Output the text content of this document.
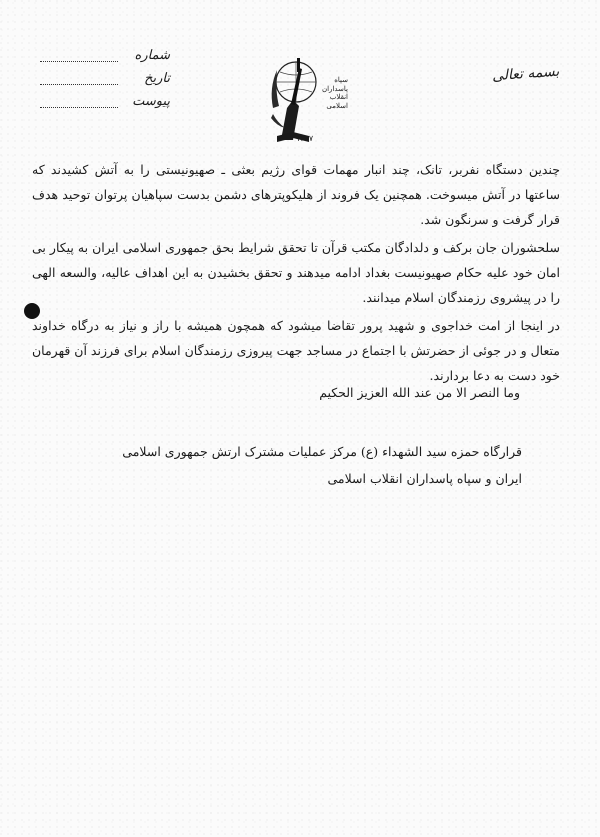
شماره
تاریخ
پیوست
سپاه
پاسداران
انقلاب
اسلامی
۱۳۵۷
بسمه تعالی

چندین دستگاه نفربر، تانک، چند انبار مهمات قوای رژیم بعثی ـ صهیونیستی را به آتش کشیدند که ساعتها در آتش میسوخت. همچنین یک فروند از هلیکوپترهای دشمن بدست سپاهیان پرتوان توحید هدف قرار گرفت و سرنگون شد.

سلحشوران جان برکف و دلدادگان مکتب قرآن تا تحقق شرایط بحق جمهوری اسلامی ایران به پیکار بی امان خود علیه حکام صهیونیست بغداد ادامه میدهند و تحقق بخشیدن به این اهداف عالیه، والسعه الهی را در پیشروی رزمندگان اسلام میدانند.

در اینجا از امت خداجوی و شهید پرور تقاضا میشود که همچون همیشه با راز و نیاز به درگاه خداوند متعال و در جوئی از حضرتش با اجتماع در مساجد جهت پیروزی رزمندگان اسلام برای فرزند آن قهرمان خود دست به دعا بردارند.

وما النصر الا من عند الله العزیز الحکیم
قرارگاه حمزه سید الشهداء (ع) مرکز عملیات مشترک ارتش جمهوری اسلامی
ایران و سپاه پاسداران انقلاب اسلامی
